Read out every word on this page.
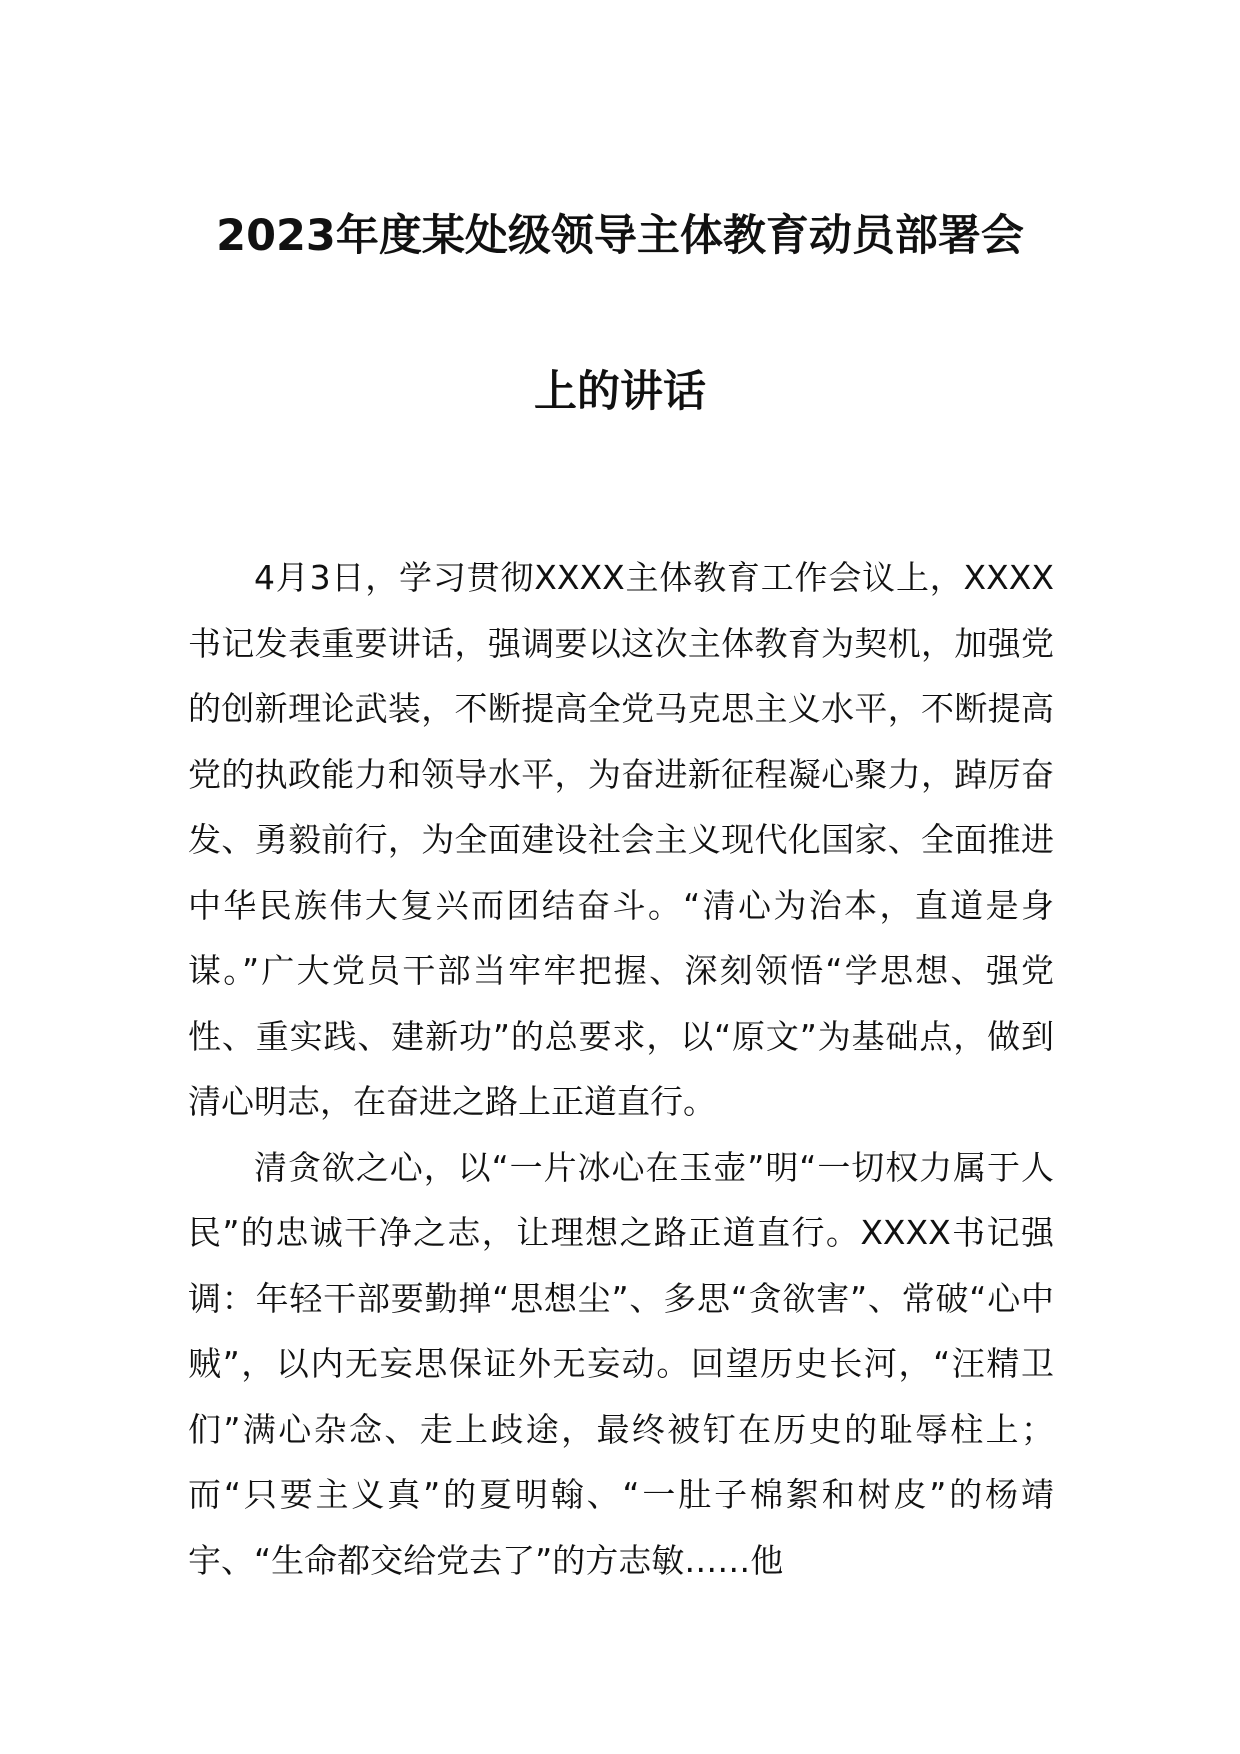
2023年度某处级领导主体教育动员部署会
上的讲话

4月3日，学习贯彻XXXX主体教育工作会议上，XXXX书记发表重要讲话，强调要以这次主体教育为契机，加强党的创新理论武装，不断提高全党马克思主义水平，不断提高党的执政能力和领导水平，为奋进新征程凝心聚力，踔厉奋发、勇毅前行，为全面建设社会主义现代化国家、全面推进中华民族伟大复兴而团结奋斗。“清心为治本，直道是身谋。”广大党员干部当牢牢把握、深刻领悟“学思想、强党性、重实践、建新功”的总要求，以“原文”为基础点，做到清心明志，在奋进之路上正道直行。

清贪欲之心，以“一片冰心在玉壶”明“一切权力属于人民”的忠诚干净之志，让理想之路正道直行。XXXX书记强调：年轻干部要勤掸“思想尘”、多思“贪欲害”、常破“心中贼”，以内无妄思保证外无妄动。回望历史长河，“汪精卫们”满心杂念、走上歧途，最终被钉在历史的耻辱柱上；而“只要主义真”的夏明翰、“一肚子棉絮和树皮”的杨靖宇、“生命都交给党去了”的方志敏……他
